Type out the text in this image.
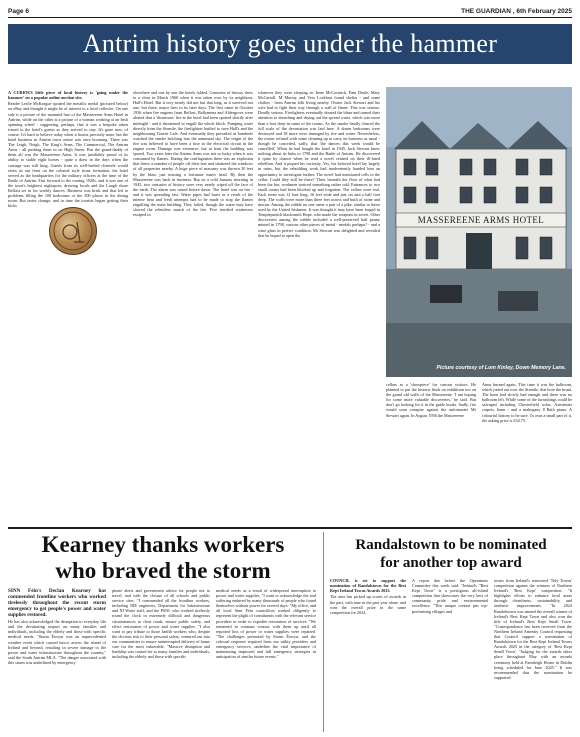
Page 6	THE GUARDIAN , 6th February 2025
Antrim history goes under the hammer

A CURIOUS little piece of local history is 'going under the hammer' on a popular online auction site.

Reader Leslie McKeague spotted the metallic medal (pictured below) on eBay and thought it might be of interest to a local collector. On one side is a picture of the mounted lure of the Massereene Arms Hotel in Antrim, while on the other is a picture of a woman working at an Irish spinning wheel - suggesting, perhaps, that it was a bespoke token issued to the hotel's guests as they arrived to stay. It's gone now, of course. It's hard to believe today when it boasts precisely none, but the hotel business in Antrim town centre was once booming. There was The Leigh, Neigh, The King's Arms, The Commercial, The Antrim Arms - all pushing them in on High Street. But the grand-daddy of them all was the Massereene Arms. It was justifiably proud of its ability to stable eight horses - quite a draw in the days when the carriage was still king. Guests from its well-heeled clientele would often sit out front on the colonial style stone formation, the hotel served as the headquarters for the military officers at the time of the Battle of Antrim. Fast forward to the roaring 1920s, and it was one of the town's brightest nightspots, drawing locals and the Lough shore Belfast set in for weekly dances. Business was brisk and that led to problems filling the 100 bedrooms or the 500 places in the dining room. But tastes change, and in time the tourists began getting their kicks

elsewhere and one by one the hotels folded. Centuries of history drew to a close in March 1960 when it was taken over by its neighbour, Hall's Hotel. But it very nearly did not last that long, as it survived not one, but three, major fires in its later days. The first came in October 1936 when fire engines from Belfast, Ballymena and Aldergrove were alerted that a 'disastrous' fire at the hotel had been spotted shortly after midnight - and it threatened to engulf the whole block. Pumping water directly from the Sixmile, the firefighters battled to save Hall's and the neighbouring Tourist Cafe. And eventually they prevailed as hundreds watched the smoke belching into the autumnal sky. The origin of the fire was believed to have been a fuse in the electrical circuit in the engine room. Damage was extensive, but at least the building was spared. Two years later the Antrim Arms was not so lucky when it was consumed by flames. During the conflagration there was an explosion that threw a number of people off their feet and shattered the windows of all properties nearby. A huge piece of masonry was thrown 30 feet by the blast, just missing a fortunate man's head. By then the Massereene was back in business. But on a cold January morning in 1945, two centuries of history were very nearly wiped off the face of the earth. The alarm was raised before dawn. The hotel was on fire - and it was spreading fast. Water pipes had burst as a result of the intense heat and fresh attempts had to be made to stop the flames engulfing the main building. They failed, though the water may have slowed the relentless march of the fire. Five terrified waitresses escaped in

whatever they were sleeping in. Irene McCormick, Pam Doole, Mary McCarroll, M Murray and Vera Lockhart found shelter - and some clothes - from Antrim folk living nearby. Owner Jack Stewart and his wife had to fight their way through a wall of flame. This was serious. Deadly serious. Firefighters eventually doused the blaze and turned their attention to drenching and drying out the spread water, which was more than a foot deep in some of the rooms. As the smoke finally cleared the full scale of the devastation was laid bare. A dozen bedrooms were destroyed and 18 more were damaged by fire and water. Nevertheless, the owner refused with some cleaning up to carry on business as usual - though he conceded, sadly, that 'the dances this week would be cancelled'. When he had bought the hotel in 1945, Jack Stewart knew nothing about its links to 1798 and the Battle of Antrim. He discovered it quite by chance when he read a novel centred on their ill-fated rebellion. And it piqued his curiosity. Yes, his beloved hotel lay largely in ruins, but the rebuilding work had inadvertently handed him an opportunity to investigate further. The novel had mentioned cells in the cellar. Could they still be there? Then, beneath the floor of what had been the bar, workmen noticed something rather odd. Entrances to two small rooms had been blocked up and forgotten. The cellars were real. Each room was 12 foot long, 16 feet wide and just six and a half foot deep. The walls were more than three feet across and built of stone and mortar. Among the rubble no one came a pair of a pike, similar to those used by the United Irishmen. It was thought it may have been forged in Templepatrick blacksmith Hope, who made the weapons in secret. Other discoveries among the rubble included a well-preserved half penny minted in 1798, various other pieces of metal - medals perhaps? - and a wine glass in perfect condition. Mr Stewart was delighted and revealed that he hoped to open the

MASSEREENE ARMS HOTEL
Picture courtesy of Lom Kinley, Down Memory Lane.

cellars as a 'showpiece' for curious visitors. He planned to put the historic finds on exhibition too on the grand old walls of the Massereene. 'I am hoping for some more valuable discoveries,' he said. But don't go looking for it in the guide books. Sadly, fire would soon conspire against the unfortunate Mr Stewart again. In August 1956 the Massereene

Arms burned again. This time it was the ballroom, which jutted out over the Sixmile, that bore the brunt. The bone had slowly had enough and there was no ballroom left. While some of the furnishings could be salvaged including Chesterfield sofas, Axminster carpets, linen - and a mahogany 8 Bath piano. A colourful history to be sure. To own a small part of it, the asking price is £34.75.

Kearney thanks workers
who braved the storm

SINN Féin's Declan Kearney has commended frontline workers who worked tirelessly throughout the recent storm emergency to get people's power and water supplies restored.

He has also acknowledged the disruption to everyday life and the devastating impact on many families and individuals, including the elderly and those with specific medical needs. "Storm Éowyn was an unprecedented weather event which caused havoc across the island of Ireland and beyond, resulting in severe damage to the power and water infrastructure throughout the country," said the South Antrim MLA. "The danger associated with this storm was underlined by emergency

phone alerts and government advice for people not to travel, and with the closure of all schools and public service sites. "I commended all the frontline workers, including NIE engineers, Department for Infrastructure and NI Water staff, and the PSNI, who worked tirelessly round the clock in extremely difficult and dangerous circumstances to clear roads, ensure public safety, and effect restoration of power and water supplies. "I also want to pay tribute to those health workers who, despite the obvious risk to their personal safety, ventured out into our communities to ensure uninterrupted delivery of home care for the most vulnerable. "Massive disruption and hardship was caused for so many families and individuals, including the elderly and those with specific

medical needs as a result of widespread interruption to power and water supplies. "I want to acknowledge the real suffering endured by many thousands of people who found themselves without power for several days. "My office, and all local Sinn Féin councillors worked diligently to represent the plight of constituents with the relevant service providers in order to expedite restoration of services. "We remained in constant contact with them up until all reported loss of power or water supplies were repaired. "The challenges presented by Storm Éowyn, and the colossal response required from our utility providers and emergency services, underline the vital importance of maintaining improved and full emergency strategies in anticipation of similar future events."

Randalstown to be nominated
for another top award

COUNCIL is set to support the nomination of Randalstown for the Best Kept Ireland Towns Awards 2025.

The area has picked up scores of awards in the past, with nine in the past year alone, and won the overall prize in the same competition for 2024.

A report due before the Operations Committee this week said: "Ireland's "Best Kept Town" is a prestigious all-island competition that showcases the very best of community pride and environmental excellence. "This unique contest pits top-performing villages and

towns from Ireland's renowned 'Tidy Towns' competition against the winners of Northern Ireland's 'Best Kept' competition. "It highlights efforts to enhance local areas through cleanliness, sustainability, and aesthetic improvements. "In 2024 Randalstown was named the overall winner of Ireland's Best Kept Town and also won the title of Ireland's Best Kept Small Town. "Correspondence has been received from the Northern Ireland Amenity Council requesting that Council support a nomination of Randalstown for the Best Kept Ireland Towns Awards 2025 in the category of 'Best Kept Small Town'. "Judging for the awards takes place throughout May with an awards ceremony held at Farmleigh House in Dublin being scheduled for June 2025." It was recommended that the nomination be supported.
